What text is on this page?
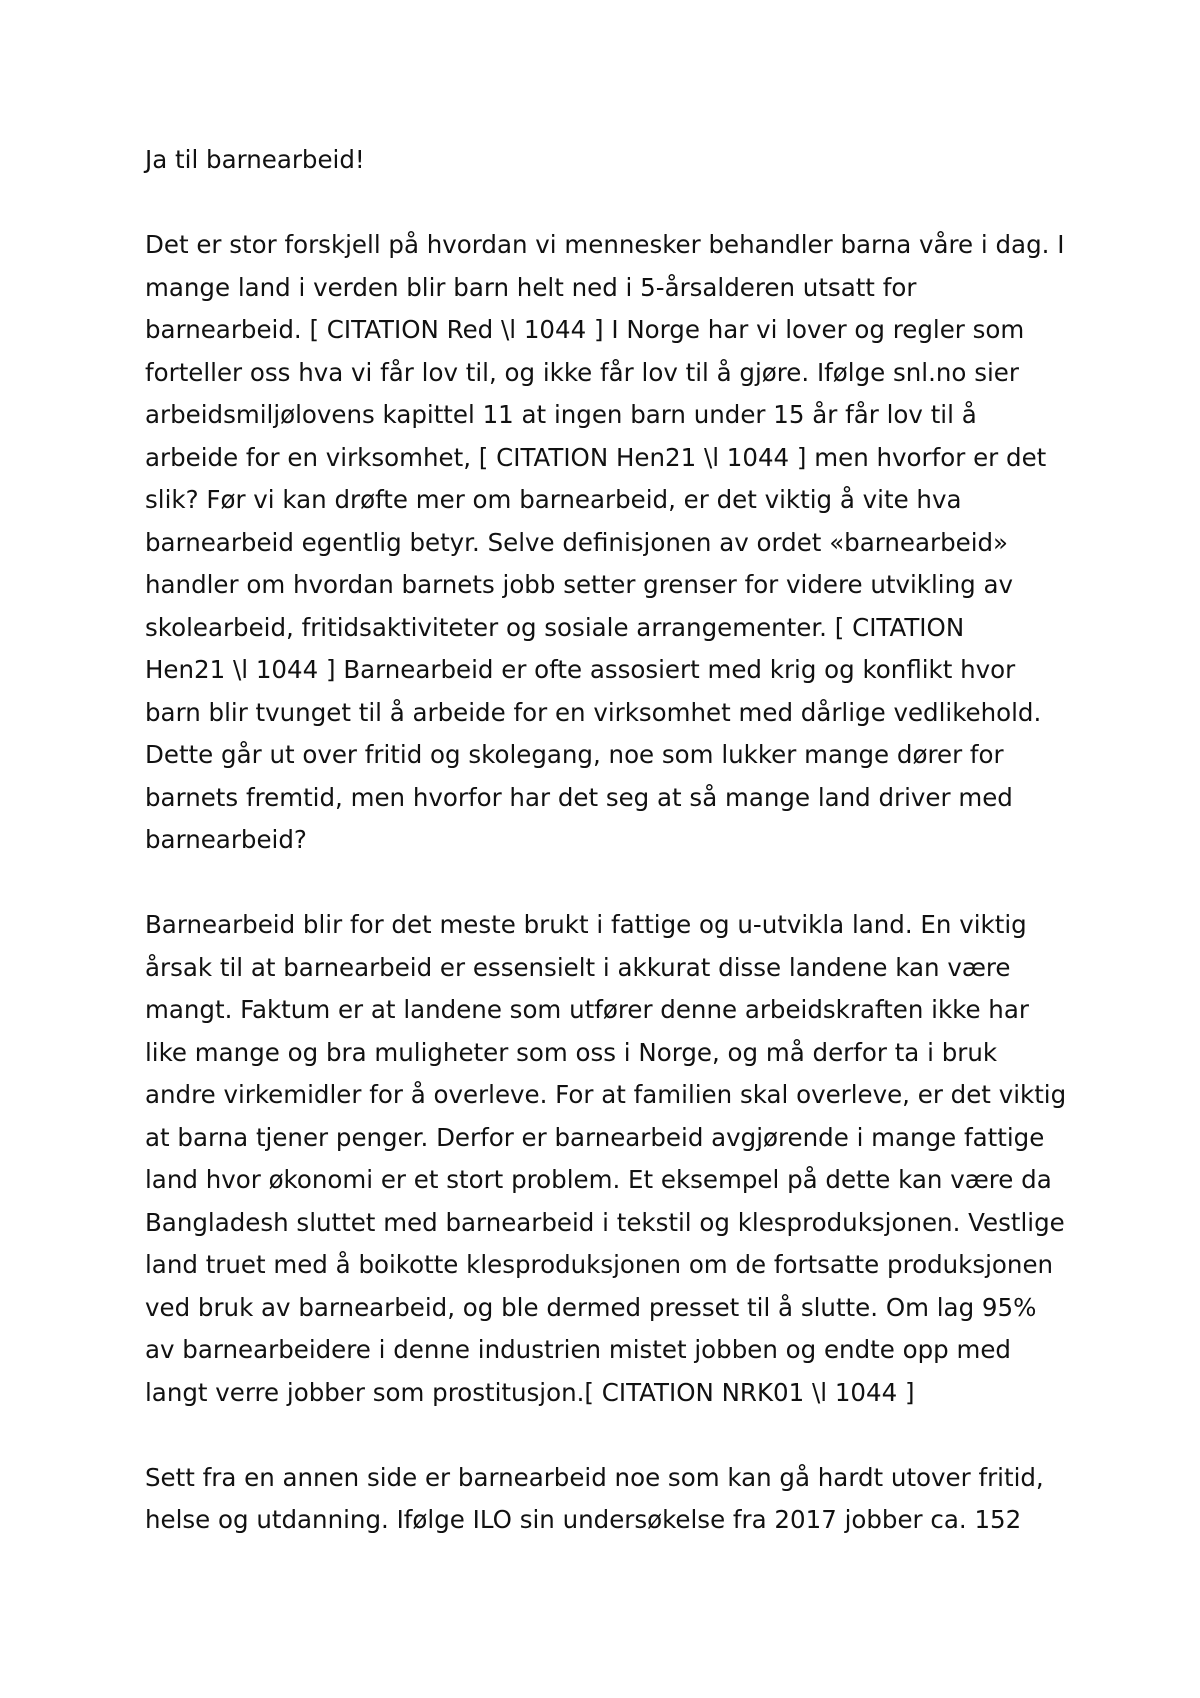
Ja til barnearbeid!
Det er stor forskjell på hvordan vi mennesker behandler barna våre i dag. I
mange land i verden blir barn helt ned i 5-årsalderen utsatt for
barnearbeid. [ CITATION Red \l 1044 ] I Norge har vi lover og regler som
forteller oss hva vi får lov til, og ikke får lov til å gjøre. Ifølge snl.no sier
arbeidsmiljølovens kapittel 11 at ingen barn under 15 år får lov til å
arbeide for en virksomhet, [ CITATION Hen21 \l 1044 ] men hvorfor er det
slik? Før vi kan drøfte mer om barnearbeid, er det viktig å vite hva
barnearbeid egentlig betyr. Selve definisjonen av ordet «barnearbeid»
handler om hvordan barnets jobb setter grenser for videre utvikling av
skolearbeid, fritidsaktiviteter og sosiale arrangementer. [ CITATION
Hen21 \l 1044 ] Barnearbeid er ofte assosiert med krig og konflikt hvor
barn blir tvunget til å arbeide for en virksomhet med dårlige vedlikehold.
Dette går ut over fritid og skolegang, noe som lukker mange dører for
barnets fremtid, men hvorfor har det seg at så mange land driver med
barnearbeid?
Barnearbeid blir for det meste brukt i fattige og u-utvikla land. En viktig
årsak til at barnearbeid er essensielt i akkurat disse landene kan være
mangt. Faktum er at landene som utfører denne arbeidskraften ikke har
like mange og bra muligheter som oss i Norge, og må derfor ta i bruk
andre virkemidler for å overleve. For at familien skal overleve, er det viktig
at barna tjener penger. Derfor er barnearbeid avgjørende i mange fattige
land hvor økonomi er et stort problem. Et eksempel på dette kan være da
Bangladesh sluttet med barnearbeid i tekstil og klesproduksjonen. Vestlige
land truet med å boikotte klesproduksjonen om de fortsatte produksjonen
ved bruk av barnearbeid, og ble dermed presset til å slutte. Om lag 95%
av barnearbeidere i denne industrien mistet jobben og endte opp med
langt verre jobber som prostitusjon.[ CITATION NRK01 \l 1044 ]
Sett fra en annen side er barnearbeid noe som kan gå hardt utover fritid,
helse og utdanning. Ifølge ILO sin undersøkelse fra 2017 jobber ca. 152
